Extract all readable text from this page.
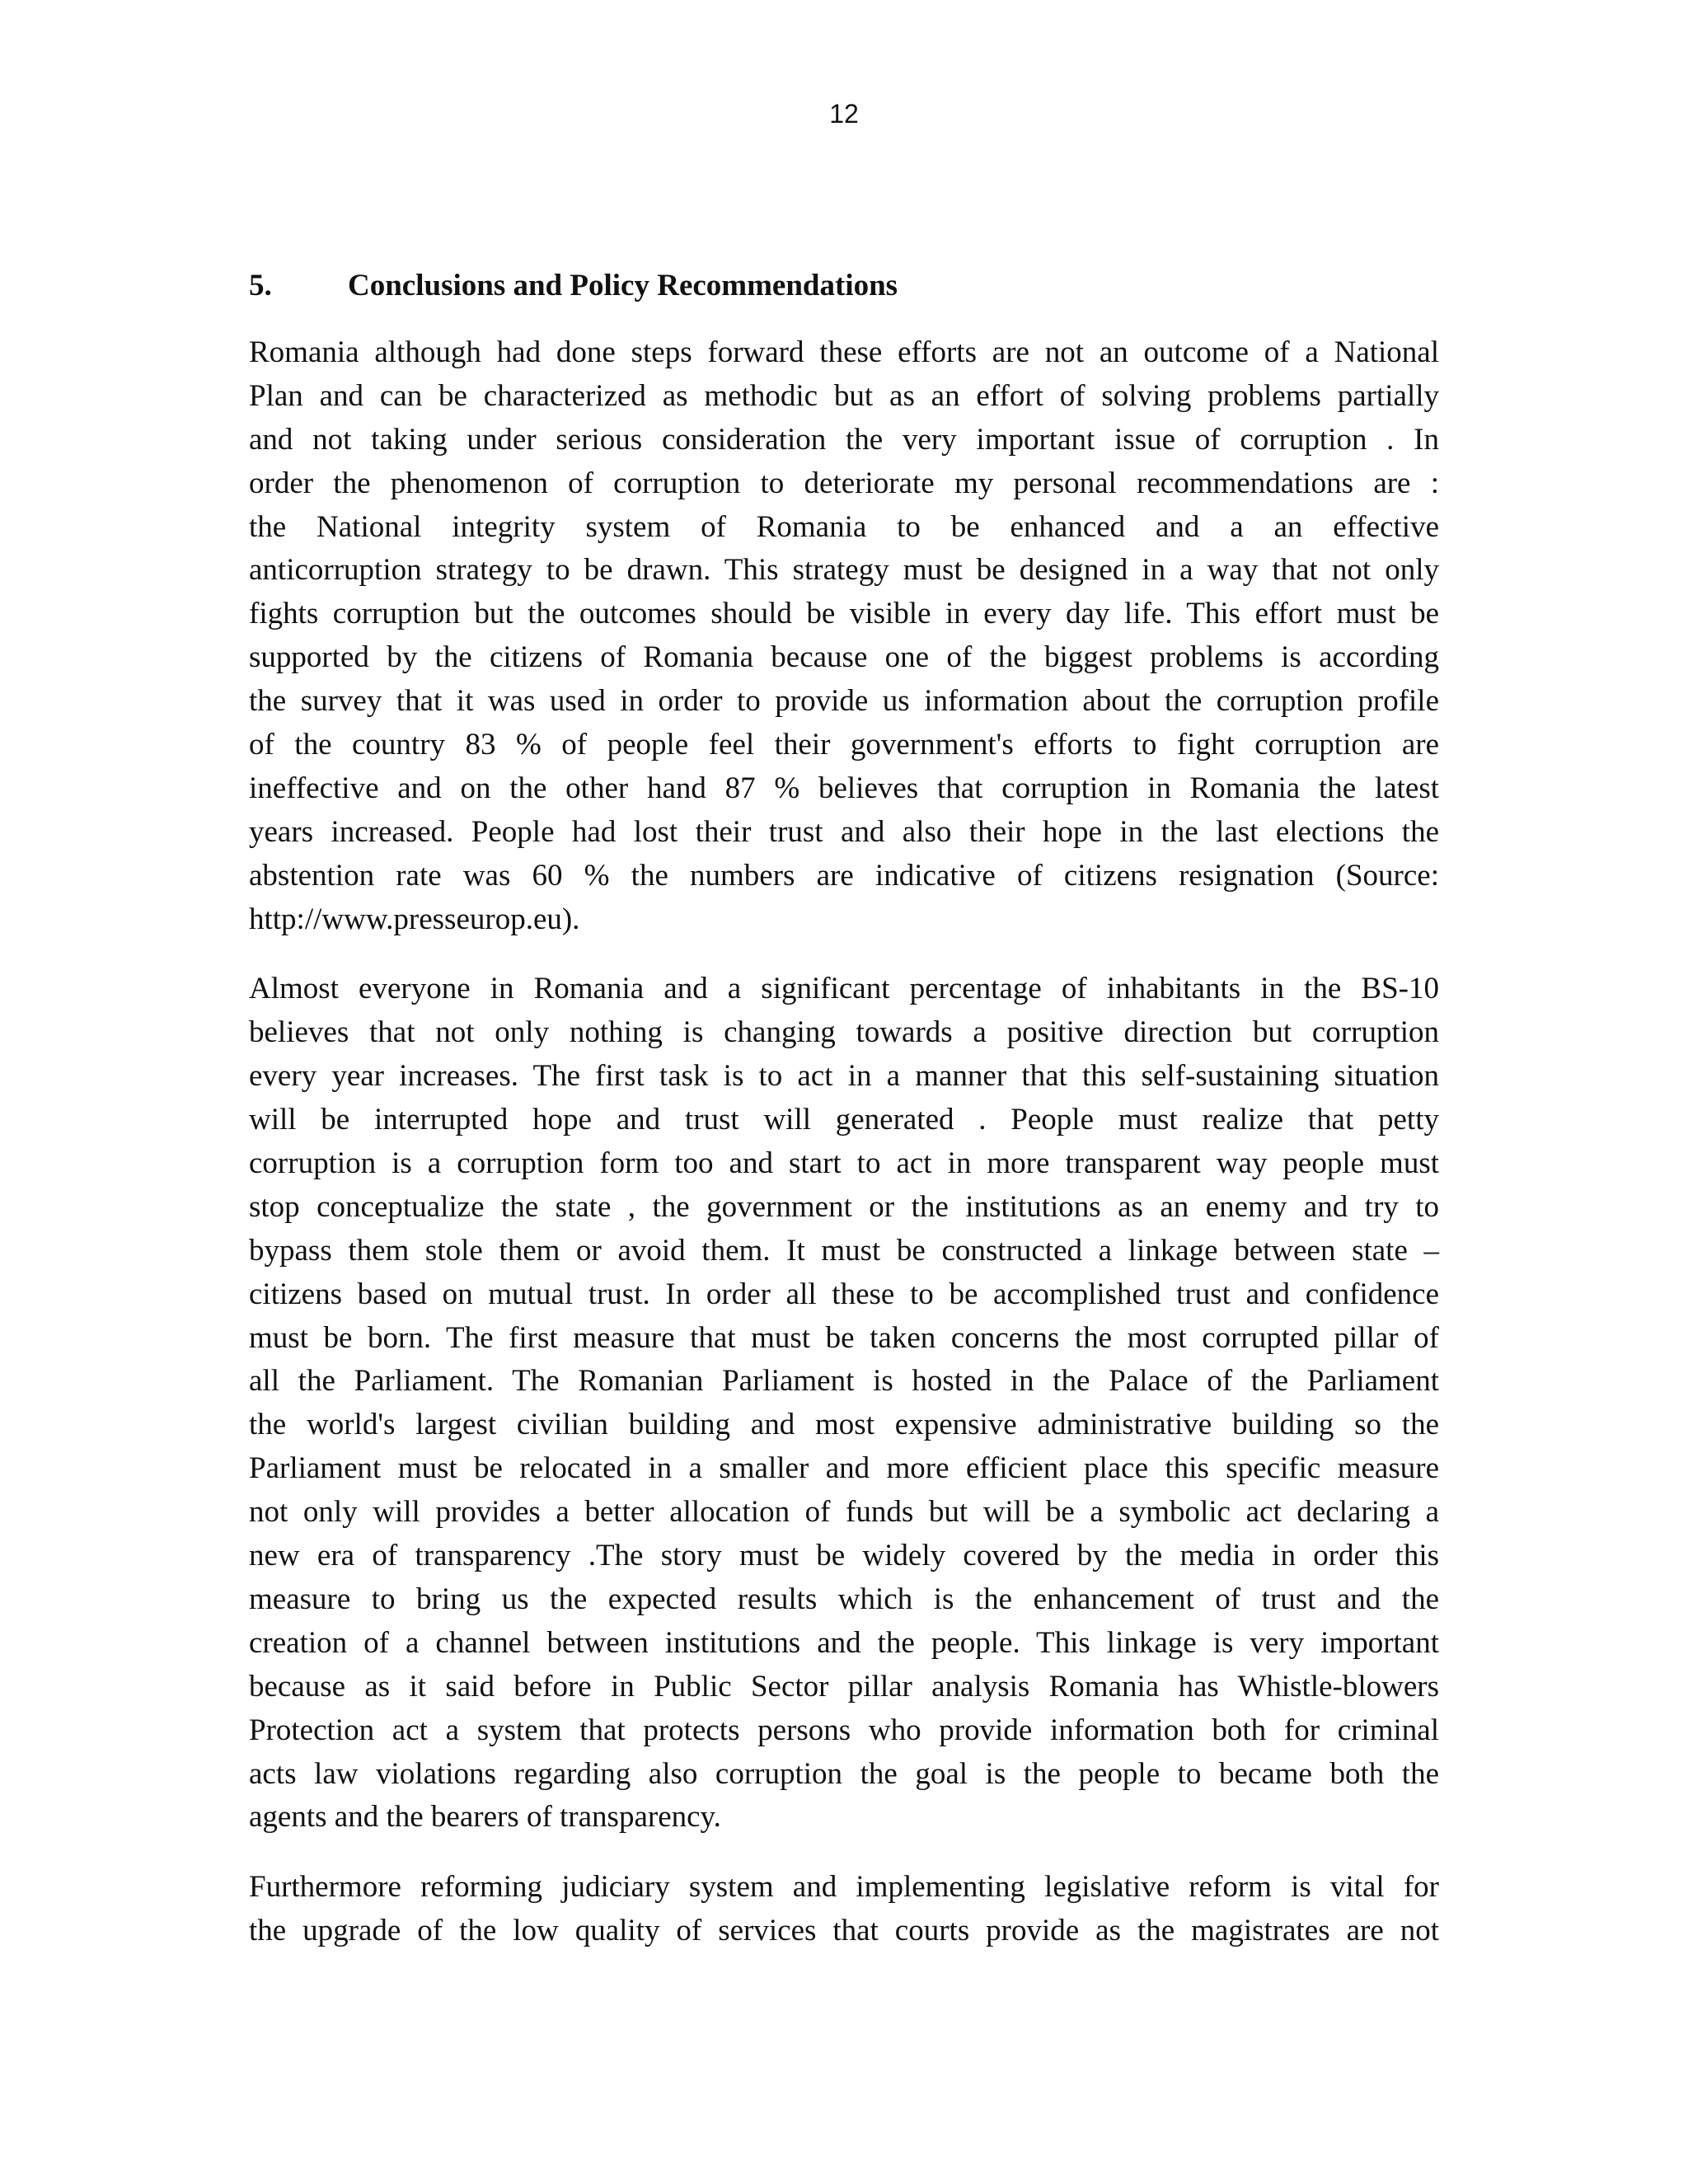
12
5.	Conclusions and Policy Recommendations

Romania although had done steps forward these efforts are not an outcome of a National
Plan and can be characterized as methodic but as an effort of solving problems partially
and not taking under serious consideration the very important issue of corruption . In
order the phenomenon of corruption to deteriorate my personal recommendations are :
the National integrity system of Romania to be enhanced and a an effective
anticorruption strategy to be drawn. This strategy must be designed in a way that not only
fights corruption but the outcomes should be visible in every day life. This effort must be
supported by the citizens of Romania because one of the biggest problems is according
the survey that it was used in order to provide us information about the corruption profile
of the country 83 % of people feel their government's efforts to fight corruption are
ineffective and on the other hand 87 % believes that corruption in Romania the latest
years increased. People had lost their trust and also their hope in the last elections the
abstention rate was 60 % the numbers are indicative of citizens resignation (Source:
http://www.presseurop.eu).

Almost everyone in Romania and a significant percentage of inhabitants in the BS-10
believes that not only nothing is changing towards a positive direction but corruption
every year increases. The first task is to act in a manner that this self-sustaining situation
will be interrupted hope and trust will generated . People must realize that petty
corruption is a corruption form too and start to act in more transparent way people must
stop conceptualize the state , the government or the institutions as an enemy and try to
bypass them stole them or avoid them. It must be constructed a linkage between state –
citizens based on mutual trust. In order all these to be accomplished trust and confidence
must be born. The first measure that must be taken concerns the most corrupted pillar of
all the Parliament. The Romanian Parliament is hosted in the Palace of the Parliament
the world's largest civilian building and most expensive administrative building so the
Parliament must be relocated in a smaller and more efficient place this specific measure
not only will provides a better allocation of funds but will be a symbolic act declaring a
new era of transparency .The story must be widely covered by the media in order this
measure to bring us the expected results which is the enhancement of trust and the
creation of a channel between institutions and the people. This linkage is very important
because as it said before in Public Sector pillar analysis Romania has Whistle-blowers
Protection act a system that protects persons who provide information both for criminal
acts law violations regarding also corruption the goal is the people to became both the
agents and the bearers of transparency.

Furthermore reforming judiciary system and implementing legislative reform is vital for
the upgrade of the low quality of services that courts provide as the magistrates are not
